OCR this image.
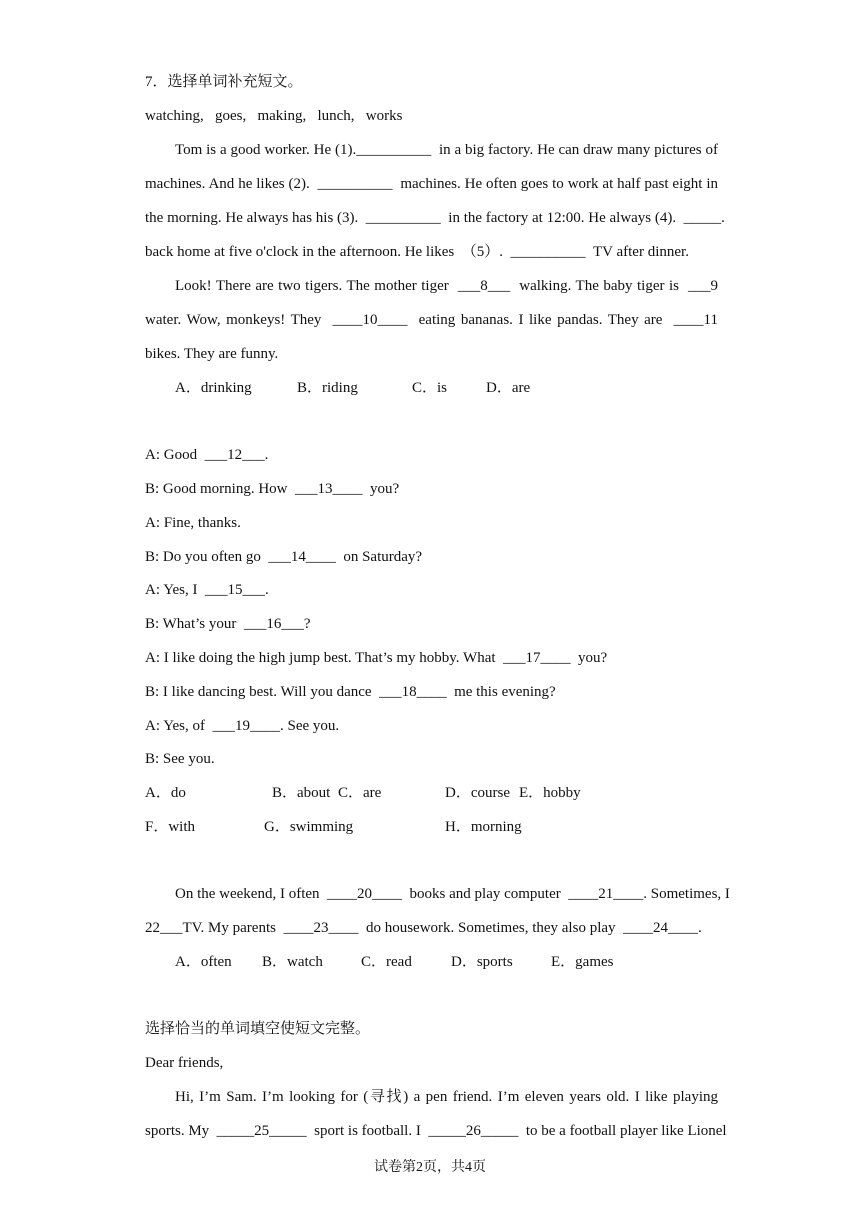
7．选择单词补充短文。
watching,   goes,   making,   lunch,   works
Tom is a good worker. He (1).__________  in a big factory. He can draw many pictures of
machines. And he likes (2).  __________  machines. He often goes to work at half past eight in
the morning. He always has his (3).  __________  in the factory at 12:00. He always (4).  _____.
back home at five o'clock in the afternoon. He likes  （5）.  __________  TV after dinner.
Look! There are two tigers. The mother tiger  ___8___  walking. The baby tiger is  ___9
water. Wow, monkeys! They  ____10____  eating bananas. I like pandas. They are  ____11
bikes. They are funny.
A．drinking	B．riding	C．is	D．are
A: Good  ___12___.
B: Good morning. How  ___13____  you?
A: Fine, thanks.
B: Do you often go  ___14____  on Saturday?
A: Yes, I  ___15___.
B: What’s your  ___16___?
A: I like doing the high jump best. That’s my hobby. What  ___17____  you?
B: I like dancing best. Will you dance  ___18____  me this evening?
A: Yes, of  ___19____. See you.
B: See you.
A．do	B．about C．are	D．course E．hobby
F．with	G．swimming	H．morning
On the weekend, I often  ____20____  books and play computer  ____21____. Sometimes, I
22___TV. My parents  ____23____  do housework. Sometimes, they also play  ____24____.
A．often B．watch	C．read	D．sports	E．games
选择恰当的单词填空使短文完整。
Dear friends,
Hi, I’m Sam. I’m looking for (寻找) a pen friend. I’m eleven years old. I like playing
sports. My  _____25_____  sport is football. I  _____26_____  to be a football player like Lionel
试卷第2页，共4页
